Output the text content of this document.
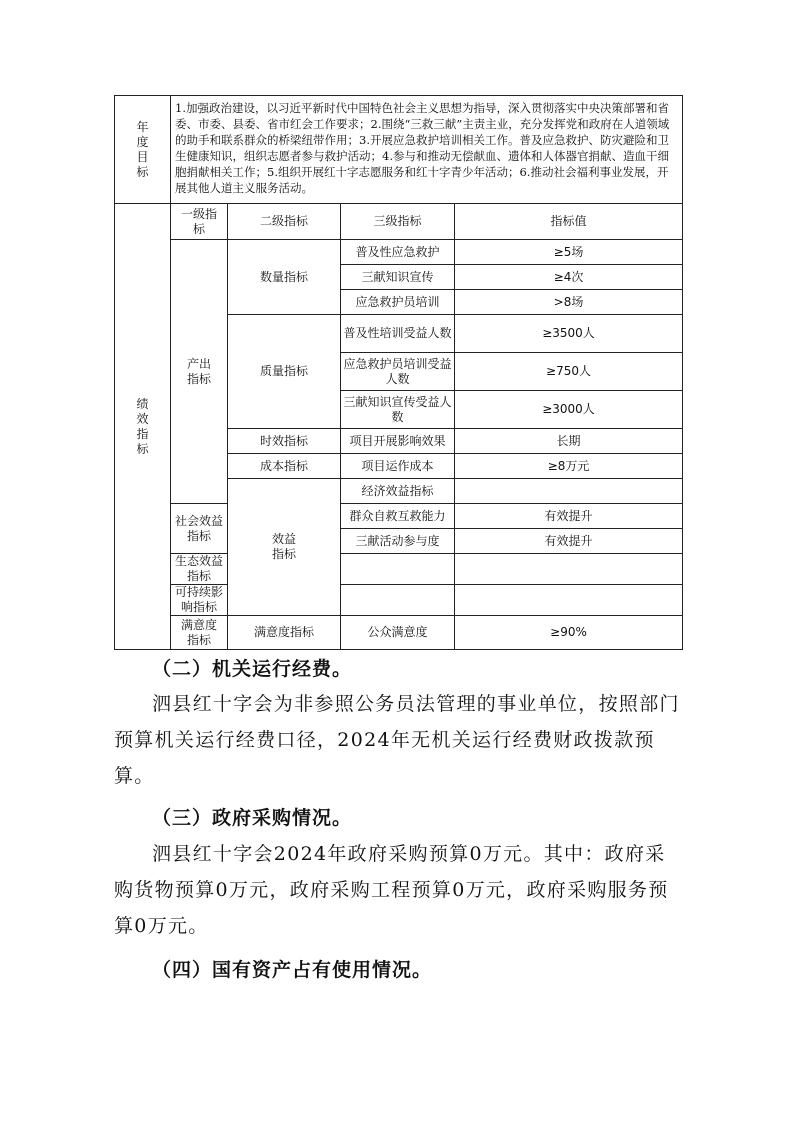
年度目标	1.加强政治建设，以习近平新时代中国特色社会主义思想为指导，深入贯彻落实中央决策部署和省委、市委、县委、省市红会工作要求；2.围绕“三救三献”主责主业，充分发挥党和政府在人道领域的助手和联系群众的桥梁纽带作用；3.开展应急救护培训相关工作。普及应急救护、防灾避险和卫生健康知识，组织志愿者参与救护活动；4.参与和推动无偿献血、遗体和人体器官捐献、造血干细胞捐献相关工作；5.组织开展红十字志愿服务和红十字青少年活动；6.推动社会福利事业发展，开展其他人道主义服务活动。				
绩效指标	一级指标	二级指标	三级指标	指标值	
	产出指标	数量指标	普及性应急救护	≥5场	
			三献知识宣传	≥4次	
			应急救护员培训	>8场	
		质量指标	普及性培训受益人数	≥3500人	
			应急救护员培训受益人数	≥750人	
			三献知识宣传受益人数	≥3000人	
		时效指标	项目开展影响效果	长期	
		成本指标	项目运作成本	≥8万元	
		效益指标	经济效益指标		
	社会效益指标		群众自救互救能力	有效提升	
			三献活动参与度	有效提升	
	生态效益指标				
	可持续影响指标				
	满意度指标	满意度指标	公众满意度	≥90%	
（二）机关运行经费。

泗县红十字会为非参照公务员法管理的事业单位，按照部门预算机关运行经费口径，2024年无机关运行经费财政拨款预算。

（三）政府采购情况。

泗县红十字会2024年政府采购预算0万元。其中：政府采购货物预算0万元，政府采购工程预算0万元，政府采购服务预算0万元。

（四）国有资产占有使用情况。
